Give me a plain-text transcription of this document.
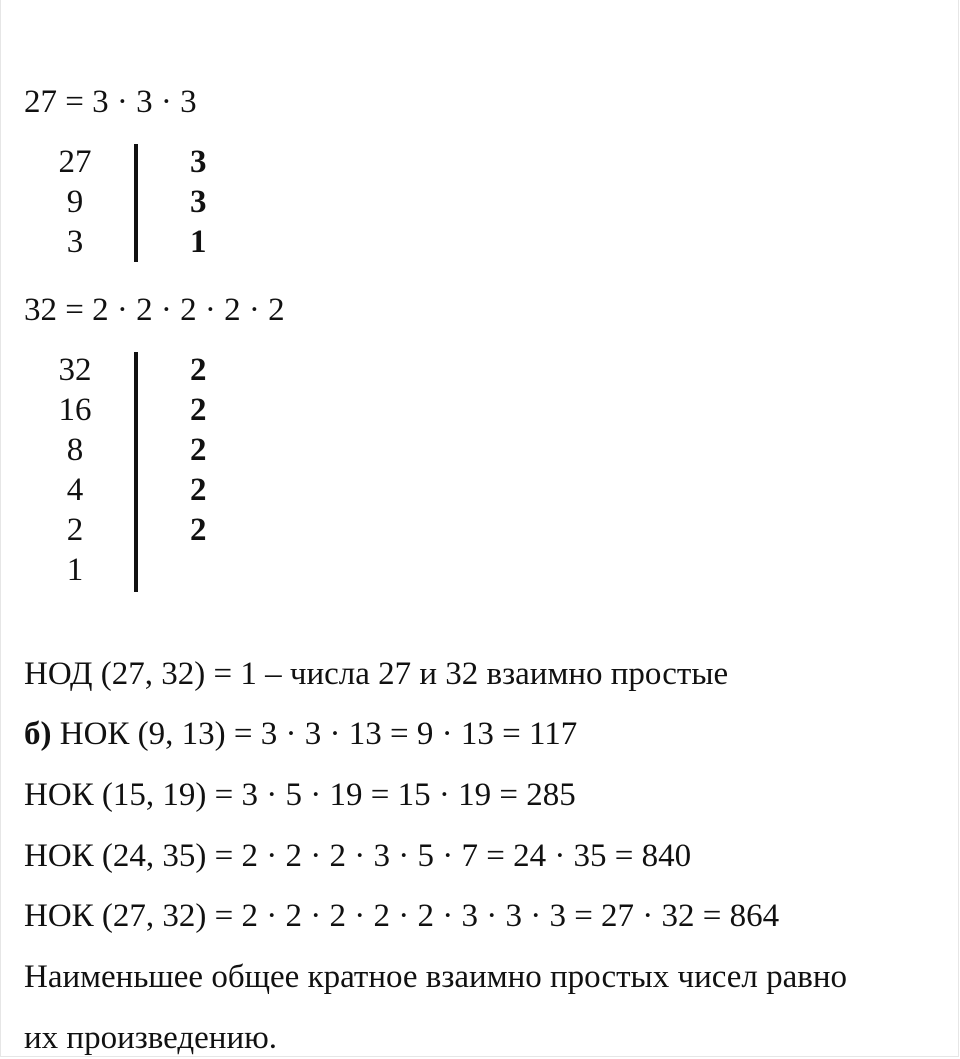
27 = 3 · 3 · 3
27	3
9	3
3	1
32 = 2 · 2 · 2 · 2 · 2
32	2
16	2
8	2
4	2
2	2
1
НОД (27, 32) = 1 – числа 27 и 32 взаимно простые
б) НОК (9, 13) = 3 · 3 · 13 = 9 · 13 = 117
НОК (15, 19) = 3 · 5 · 19 = 15 · 19 = 285
НОК (24, 35) = 2 · 2 · 2 · 3 · 5 · 7 = 24 · 35 = 840
НОК (27, 32) = 2 · 2 · 2 · 2 · 2 · 3 · 3 · 3 = 27 · 32 = 864
Наименьшее общее кратное взаимно простых чисел равно
их произведению.
